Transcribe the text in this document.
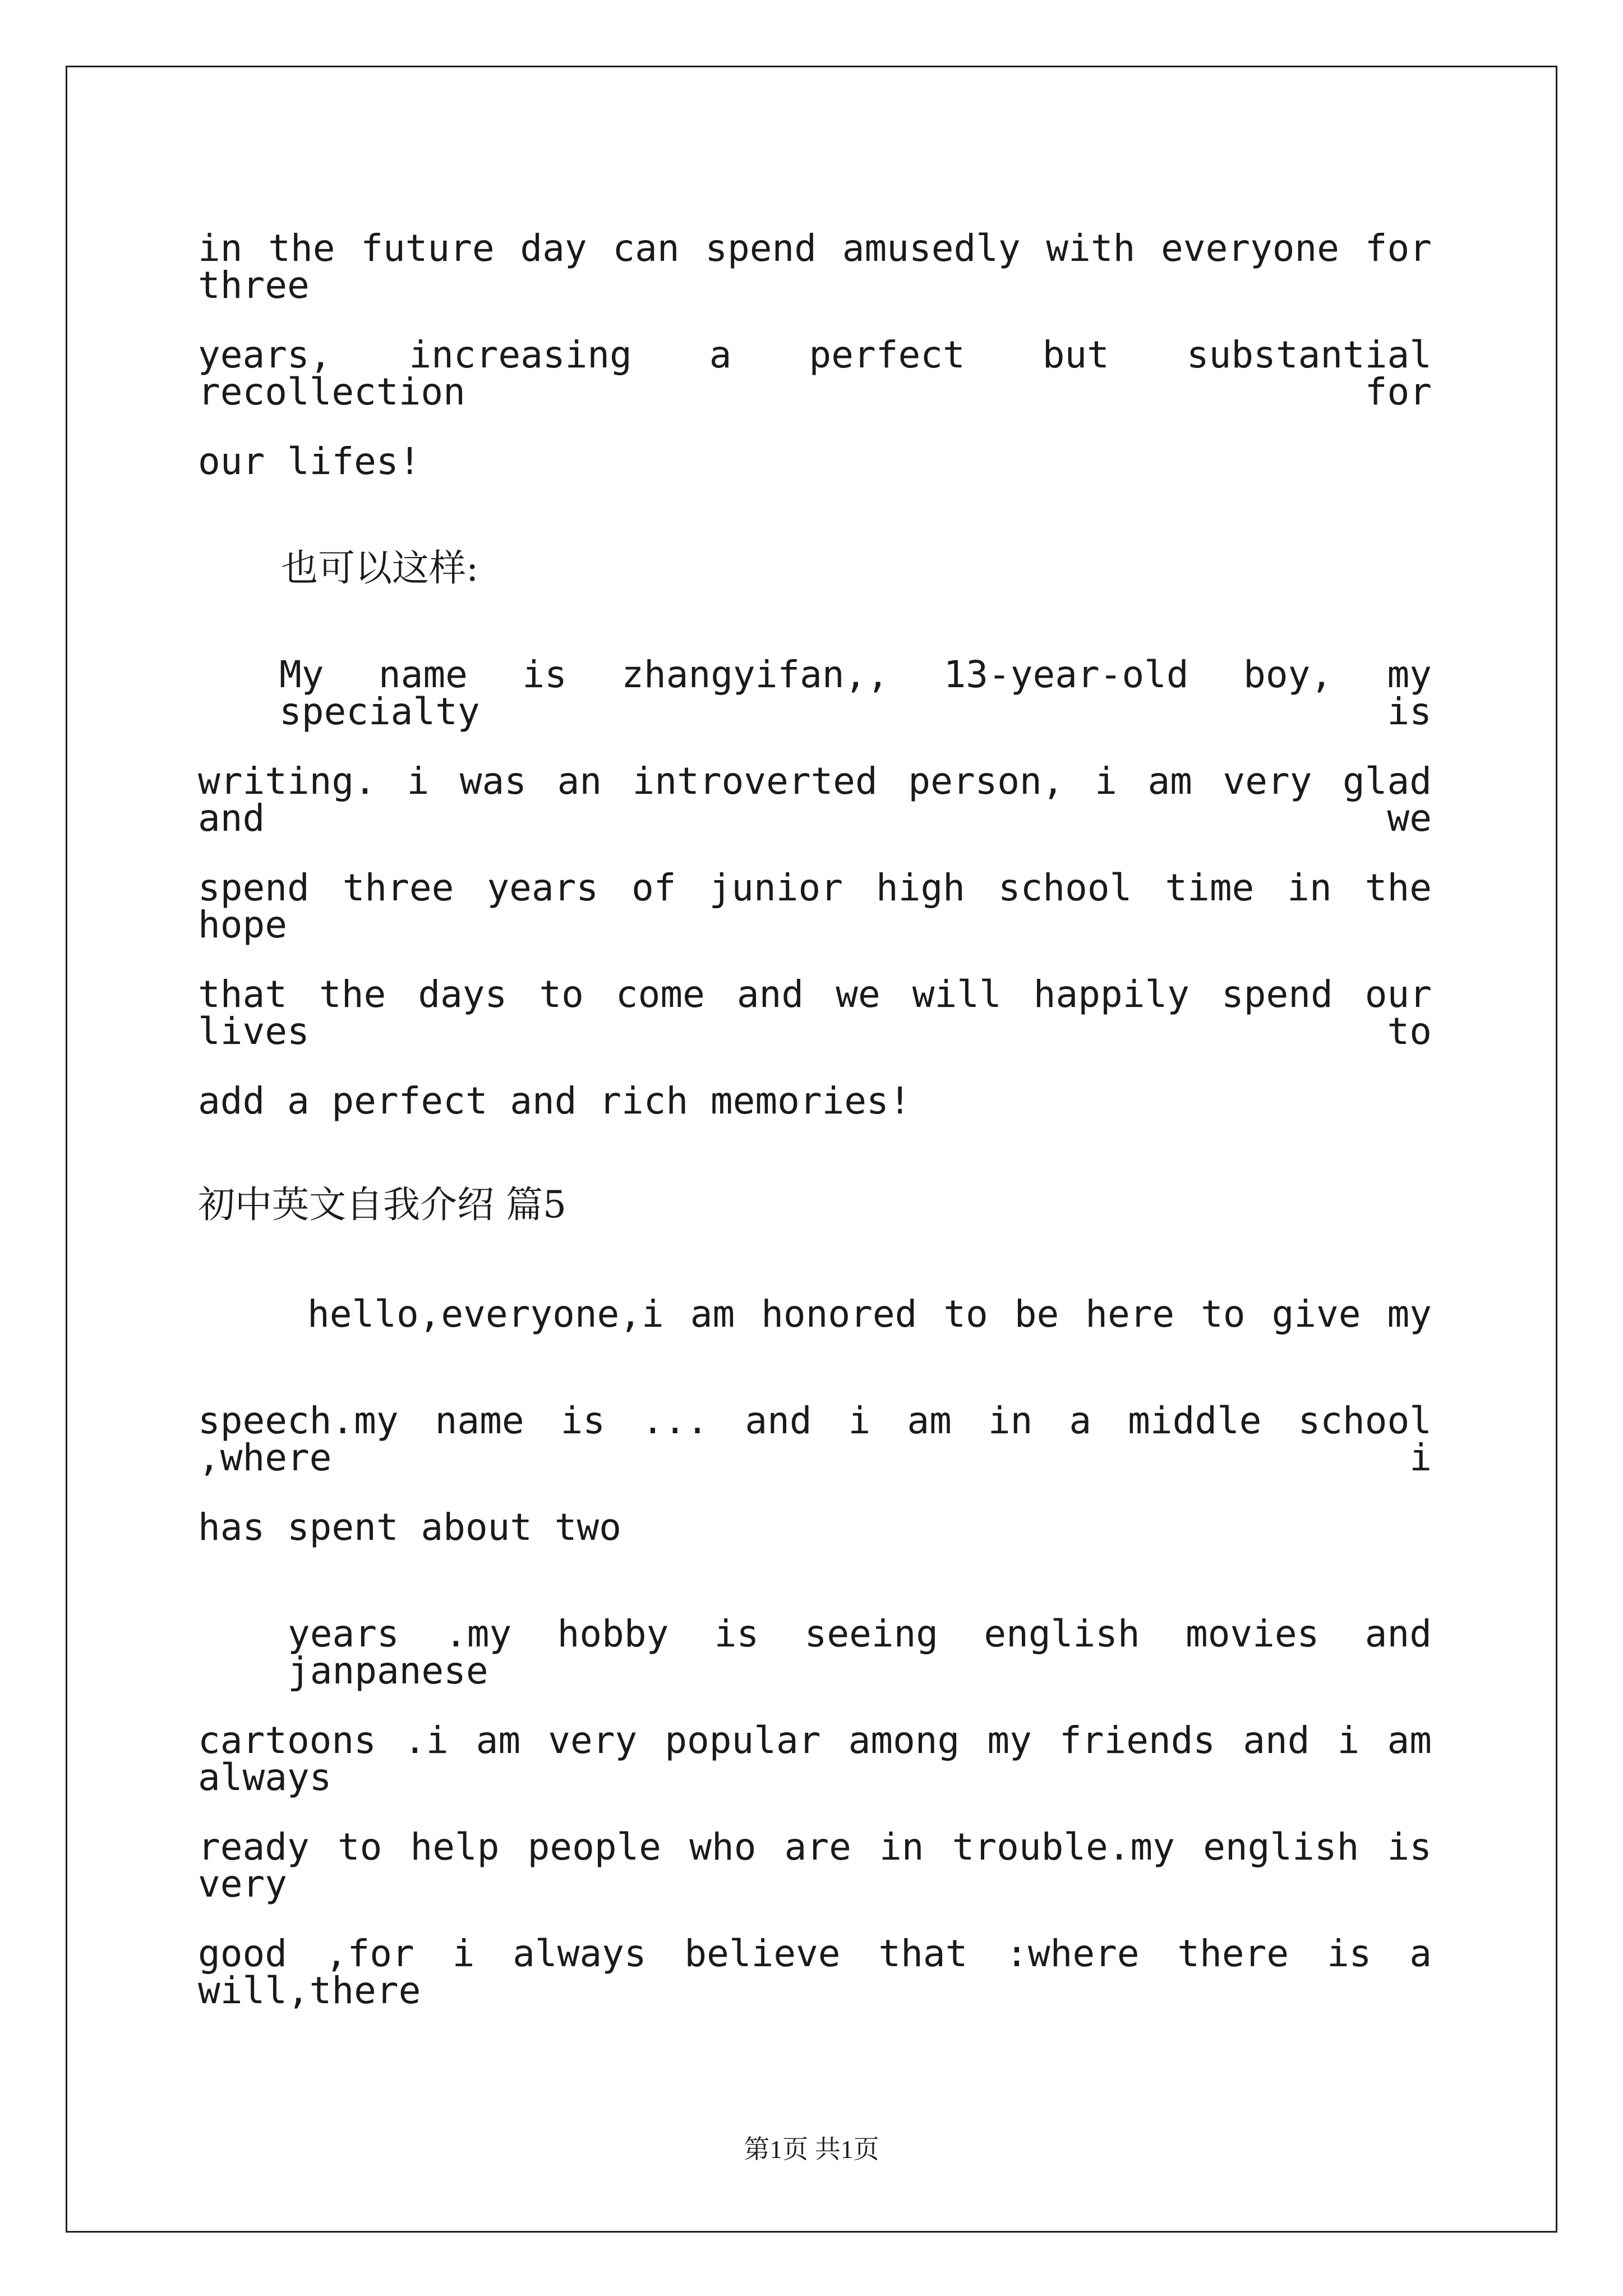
in the future day can spend amusedly with everyone for three
years, increasing a perfect but substantial recollection for
our lifes!
也可以这样:
My name is zhangyifan,, 13-year-old boy, my specialty is
writing. i was an introverted person, i am very glad and we
spend three years of junior high school time in the hope
that the days to come and we will happily spend our lives to
add a perfect and rich memories!
初中英文自我介绍 篇5
hello,everyone,i am honored to be here to give my
speech.my name is ... and i am in a middle school ,where i
has spent about two
years .my hobby is seeing english movies and janpanese
cartoons .i am very popular among my friends and i am always
ready to help people who are in trouble.my english is very
good ,for i always believe that :where there is a will,there
第1页 共1页
